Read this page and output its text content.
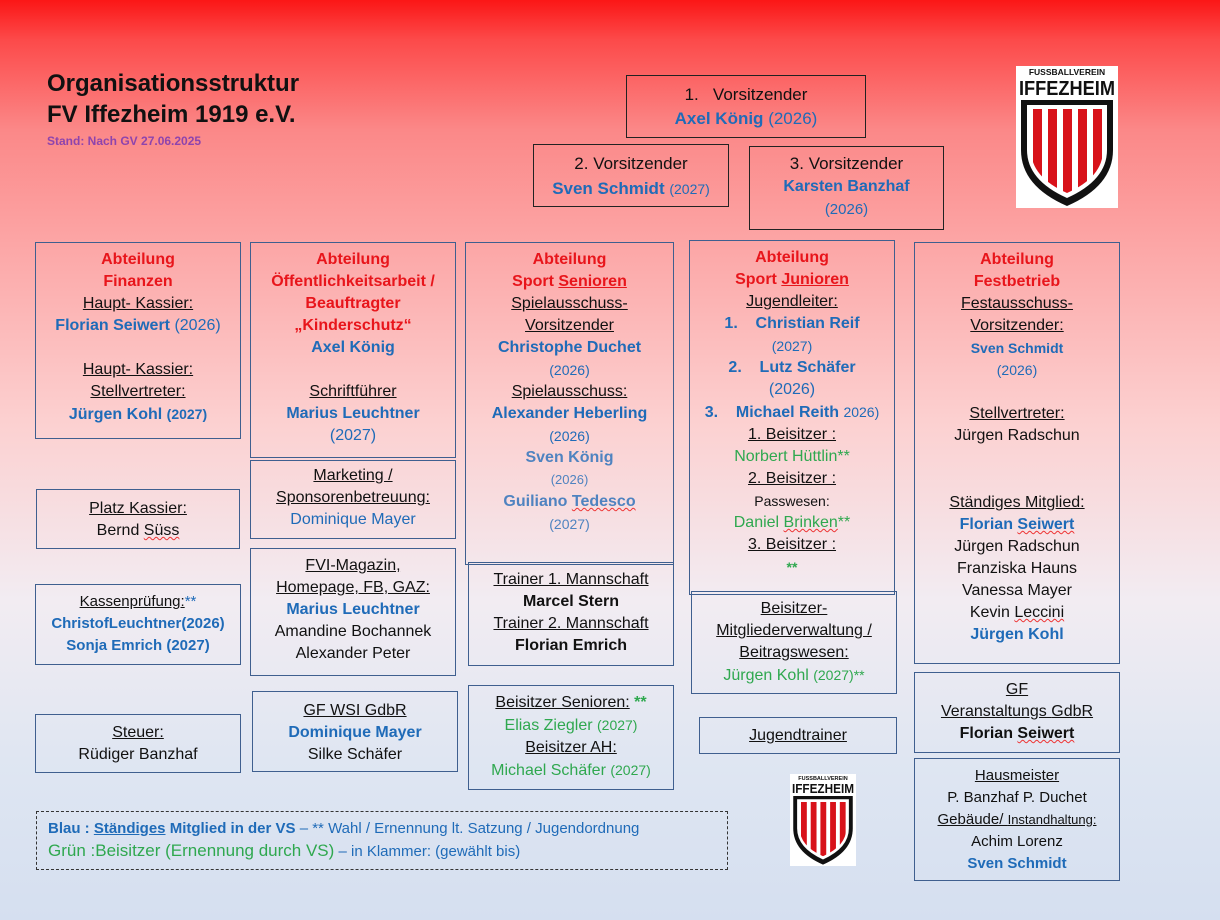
Organisationsstruktur
FV Iffezheim 1919 e.V.
Stand: Nach GV 27.06.2025
FUSSBALLVEREIN
IFFEZHEIM
FUSSBALLVEREIN
IFFEZHEIM
1.   Vorsitzender
Axel König (2026)
2. Vorsitzender
Sven Schmidt (2027)
3. Vorsitzender
Karsten Banzhaf
(2026)
Abteilung
Finanzen
Haupt- Kassier:
Florian Seiwert (2026)
Haupt- Kassier:
Stellvertreter:
Jürgen Kohl (2027)
Platz Kassier:
Bernd Süss
Kassenprüfung:**
ChristofLeuchtner(2026)
Sonja Emrich (2027)
Steuer:
Rüdiger Banzhaf
Abteilung
Öffentlichkeitsarbeit /
Beauftragter
„Kinderschutz“
Axel König
Schriftführer
Marius Leuchtner
(2027)
Marketing /
Sponsorenbetreuung:
Dominique Mayer
FVI-Magazin,
Homepage, FB, GAZ:
Marius Leuchtner
Amandine Bochannek
Alexander Peter
GF WSI GdbR
Dominique Mayer
Silke Schäfer
Abteilung
Sport Senioren
Spielausschuss-
Vorsitzender
Christophe Duchet
(2026)
Spielausschuss:
Alexander Heberling
(2026)
Sven König
(2026)
Guiliano Tedesco
(2027)
Trainer 1. Mannschaft
Marcel Stern
Trainer 2. Mannschaft
Florian Emrich
Beisitzer Senioren: **
Elias Ziegler (2027)
Beisitzer AH:
Michael Schäfer (2027)
Abteilung
Sport Junioren
Jugendleiter:
1. Christian Reif
(2027)
2. Lutz Schäfer
(2026)
3. Michael Reith 2026)
1. Beisitzer :
Norbert Hüttlin**
2. Beisitzer :
Passwesen:
Daniel Brinken**
3. Beisitzer :
**
Beisitzer-
Mitgliederverwaltung /
Beitragswesen:
Jürgen Kohl (2027)**
Jugendtrainer
Abteilung
Festbetrieb
Festausschuss-
Vorsitzender:
Sven Schmidt
(2026)
Stellvertreter:
Jürgen Radschun
Ständiges Mitglied:
Florian Seiwert
Jürgen Radschun
Franziska Hauns
Vanessa Mayer
Kevin Leccini
Jürgen Kohl
GF
Veranstaltungs GdbR
Florian Seiwert
Hausmeister
P. Banzhaf P. Duchet
Gebäude/ Instandhaltung:
Achim Lorenz
Sven Schmidt
Blau : Ständiges Mitglied in der VS – ** Wahl / Ernennung lt. Satzung / Jugendordnung
Grün :Beisitzer (Ernennung durch VS) – in Klammer: (gewählt bis)
